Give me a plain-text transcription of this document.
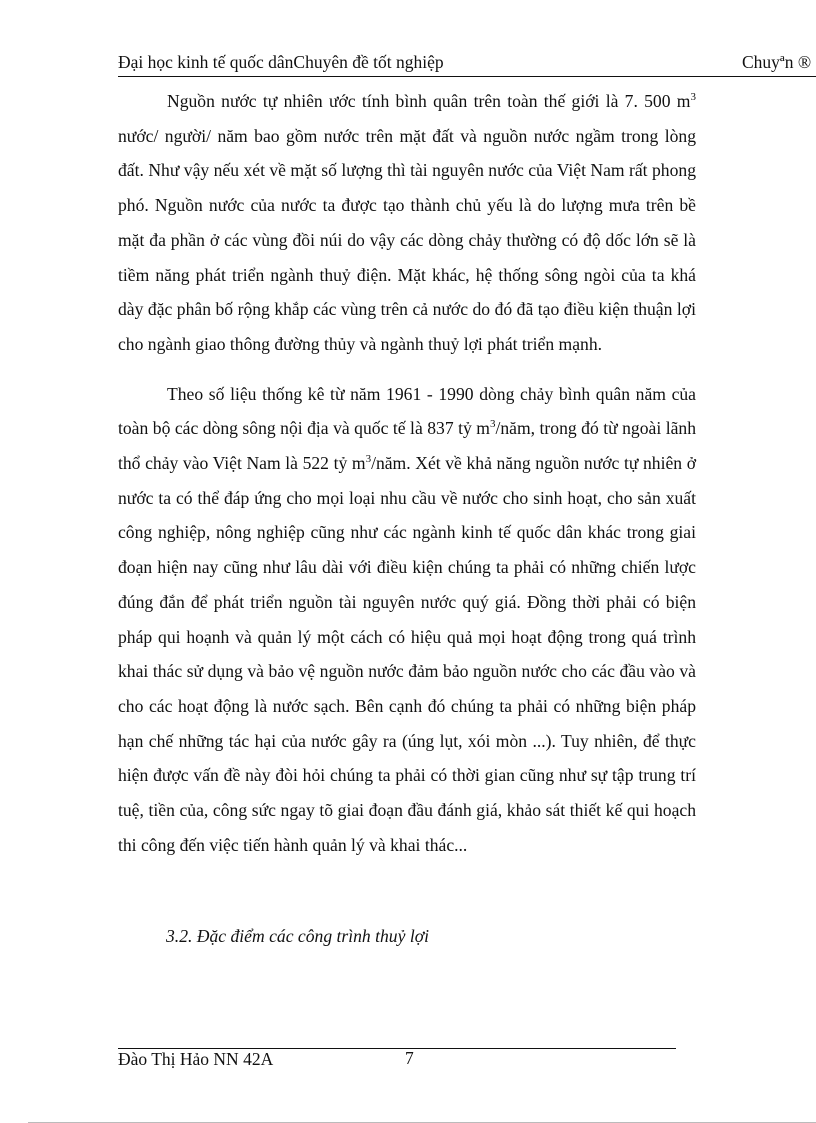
Đại học kinh tế quốc dânChuyên đề tốt nghiệp	Chuyªn ®

Nguồn nước tự nhiên ước tính bình quân trên toàn thế giới là 7. 500 $m^3$ nước/ người/ năm bao gồm nước trên mặt đất và nguồn nước ngầm trong lòng đất. Như vậy nếu xét về mặt số lượng thì tài nguyên nước của Việt Nam rất phong phó. Nguồn nước của nước ta được tạo thành chủ yếu là do lượng mưa trên bề mặt đa phần ở các vùng đồi núi do vậy các dòng chảy thường có độ dốc lớn sẽ là tiềm năng phát triển ngành thuỷ điện. Mặt khác, hệ thống sông ngòi của ta khá dày đặc phân bố rộng khắp các vùng trên cả nước do đó đã tạo điều kiện thuận lợi cho ngành giao thông đường thủy và ngành thuỷ lợi phát triển mạnh.

Theo số liệu thống kê từ năm 1961 - 1990 dòng chảy bình quân năm của toàn bộ các dòng sông nội địa và quốc tế là 837 tỷ $m^3$/năm, trong đó từ ngoài lãnh thổ chảy vào Việt Nam là 522 tỷ $m^3$/năm. Xét về khả năng nguồn nước tự nhiên ở nước ta có thể đáp ứng cho mọi loại nhu cầu về nước cho sinh hoạt, cho sản xuất công nghiệp, nông nghiệp cũng như các ngành kinh tế quốc dân khác trong giai đoạn hiện nay cũng như lâu dài với điều kiện chúng ta phải có những chiến lược đúng đắn để phát triển nguồn tài nguyên nước quý giá. Đồng thời phải có biện pháp qui hoạnh và quản lý một cách có hiệu quả mọi hoạt động trong quá trình khai thác sử dụng và bảo vệ nguồn nước đảm bảo nguồn nước cho các đầu vào và cho các hoạt động là nước sạch. Bên cạnh đó chúng ta phải có những biện pháp hạn chế những tác hại của nước gây ra (úng lụt, xói mòn ...). Tuy nhiên, để thực hiện được vấn đề này đòi hỏi chúng ta phải có thời gian cũng như sự tập trung trí tuệ, tiền của, công sức ngay tõ giai đoạn đầu đánh giá, khảo sát thiết kế qui hoạch thi công đến việc tiến hành quản lý và khai thác...

3.2. Đặc điểm các công trình thuỷ lợi
Đào Thị Hảo NN 42A	7
